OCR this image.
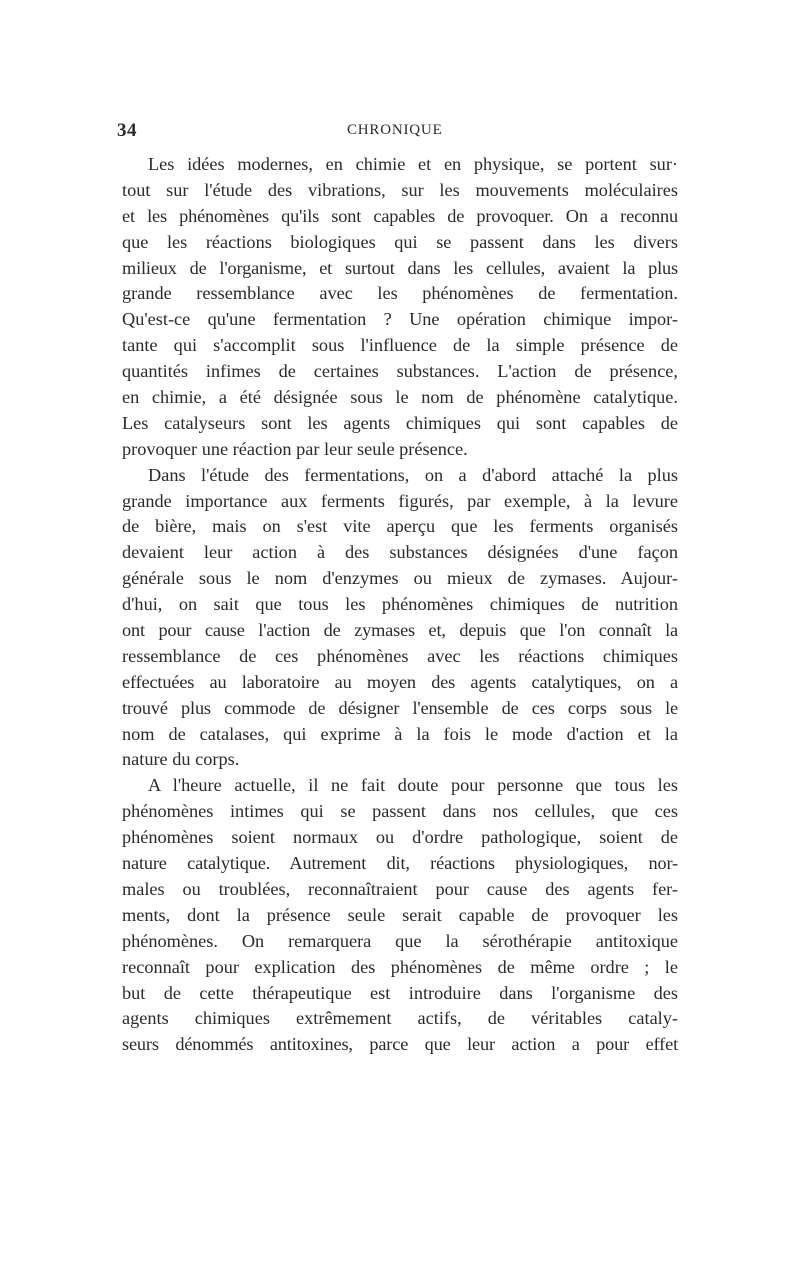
34	CHRONIQUE
Les idées modernes, en chimie et en physique, se portent sur·
tout sur l'étude des vibrations, sur les mouvements moléculaires
et les phénomènes qu'ils sont capables de provoquer. On a reconnu
que les réactions biologiques qui se passent dans les divers
milieux de l'organisme, et surtout dans les cellules, avaient la plus
grande ressemblance avec les phénomènes de fermentation.
Qu'est-ce qu'une fermentation ? Une opération chimique impor-
tante qui s'accomplit sous l'influence de la simple présence de
quantités infimes de certaines substances. L'action de présence,
en chimie, a été désignée sous le nom de phénomène catalytique.
Les catalyseurs sont les agents chimiques qui sont capables de
provoquer une réaction par leur seule présence.
Dans l'étude des fermentations, on a d'abord attaché la plus
grande importance aux ferments figurés, par exemple, à la levure
de bière, mais on s'est vite aperçu que les ferments organisés
devaient leur action à des substances désignées d'une façon
générale sous le nom d'enzymes ou mieux de zymases. Aujour-
d'hui, on sait que tous les phénomènes chimiques de nutrition
ont pour cause l'action de zymases et, depuis que l'on connaît la
ressemblance de ces phénomènes avec les réactions chimiques
effectuées au laboratoire au moyen des agents catalytiques, on a
trouvé plus commode de désigner l'ensemble de ces corps sous le
nom de catalases, qui exprime à la fois le mode d'action et la
nature du corps.
A l'heure actuelle, il ne fait doute pour personne que tous les
phénomènes intimes qui se passent dans nos cellules, que ces
phénomènes soient normaux ou d'ordre pathologique, soient de
nature catalytique. Autrement dit, réactions physiologiques, nor-
males ou troublées, reconnaîtraient pour cause des agents fer-
ments, dont la présence seule serait capable de provoquer les
phénomènes. On remarquera que la sérothérapie antitoxique
reconnaît pour explication des phénomènes de même ordre ; le
but de cette thérapeutique est introduire dans l'organisme des
agents chimiques extrêmement actifs, de véritables cataly-
seurs dénommés antitoxines, parce que leur action a pour effet
